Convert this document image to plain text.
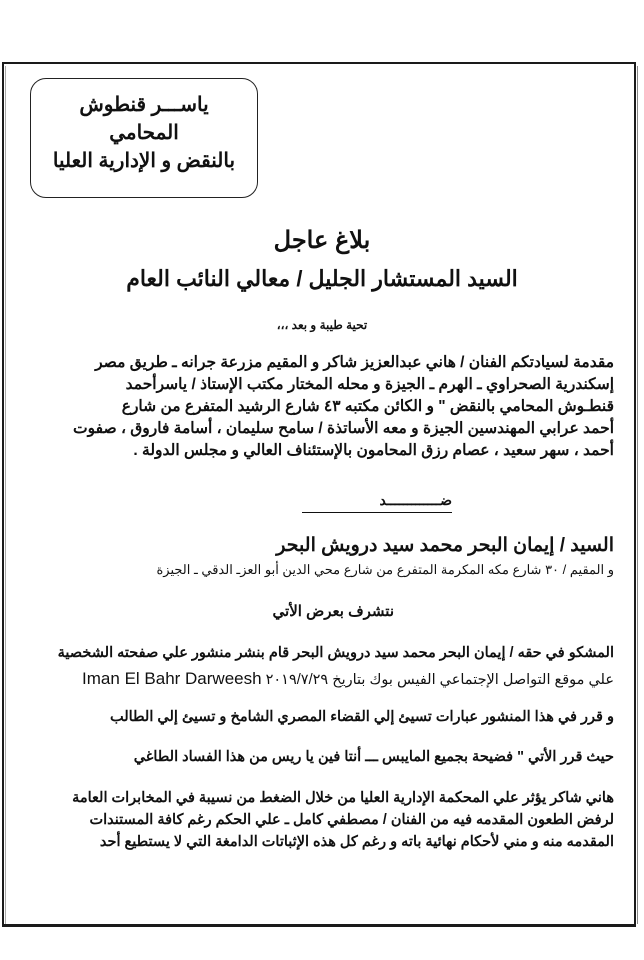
ياســـر قنطوش
المحامي
بالنقض و الإدارية العليا
بلاغ عاجل
السيد المستشار الجليل / معالي النائب العام
تحية طيبة و بعد ،،،
مقدمة لسيادتكم الفنان / هاني عبدالعزيز شاكر و المقيم مزرعة جرانه ـ طريق مصر
إسكندرية الصحراوي ـ الهرم ـ الجيزة و محله المختار مكتب الإستاذ / ياسرأحمد
قنطـوش المحامي بالنقض " و الكائن مكتبه ٤٣ شارع الرشيد المتفرع من شارع
أحمد عرابي المهندسين الجيزة و معه الأساتذة / سامح سليمان ، أسامة فاروق ، صفوت
أحمد ، سهر سعيد ، عصام رزق المحامون بالإستئناف العالي و مجلس الدولة .
ضـــــــــــــد
السيد / إيمان البحر محمد سيد درويش البحر
و المقيم / ٣٠ شارع مكه المكرمة المتفرع من شارع محي الدين أبو العزـ الدقي ـ الجيزة
نتشرف بعرض الأتي
المشكو في حقه / إيمان البحر محمد سيد درويش البحر قام بنشر منشور علي صفحته الشخصية
علي موقع التواصل الإجتماعي الفيس بوك بتاريخ ٢٠١٩/٧/٢٩ Iman El Bahr Darweesh
و قرر في هذا المنشور عبارات تسيئ إلي القضاء المصري الشامخ و تسيئ إلي الطالب
حيث قرر الأتي " فضيحة بجميع المايبس ـــ أنتا فين يا ريس من هذا الفساد الطاغي
هاني شاكر يؤثر علي المحكمة الإدارية العليا من خلال الضغط من نسيبة في المخابرات العامة
لرفض الطعون المقدمه فيه من الفنان / مصطفي كامل ـ علي الحكم رغم كافة المستندات
المقدمه منه و مني لأحكام نهائية باته و رغم كل هذه الإثباتات الدامغة التي لا يستطيع أحد
